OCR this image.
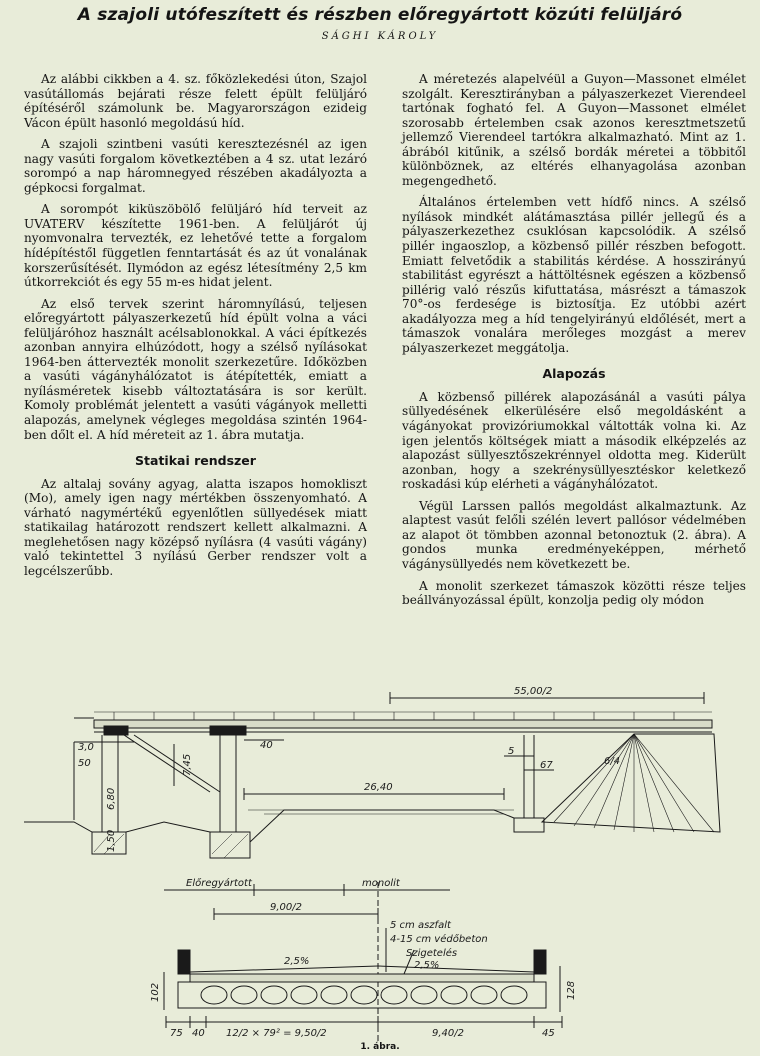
A szajoli utófeszített és részben előregyártott közúti felüljáró
SÁGHI KÁROLY

Az alábbi cikkben a 4. sz. főközlekedési úton, Szajol vasútállomás bejárati része felett épült felüljáró építéséről számolunk be. Magyarországon ezideig Vácon épült hasonló megoldású híd.

A szajoli szintbeni vasúti keresztezésnél az igen nagy vasúti forgalom következtében a 4 sz. utat lezáró sorompó a nap háromnegyed részében akadályozta a gépkocsi forgalmat.

A sorompót kiküszöbölő felüljáró híd terveit az UVATERV készítette 1961-ben. A felüljárót új nyomvonalra tervezték, ez lehetővé tette a forgalom hídépítéstől független fenntartását és az út vonalának korszerűsítését. Ilymódon az egész létesítmény 2,5 km útkorrekciót és egy 55 m-es hidat jelent.

Az első tervek szerint háromnyílású, teljesen előregyártott pályaszerkezetű híd épült volna a váci felüljáróhoz használt acélsablonokkal. A váci építkezés azonban annyira elhúzódott, hogy a szélső nyílásokat 1964-ben áttervezték monolit szerkezetűre. Időközben a vasúti vágányhálózatot is átépítették, emiatt a nyílásméretek kisebb változtatására is sor került. Komoly problémát jelentett a vasúti vágányok melletti alapozás, amelynek végleges megoldása szintén 1964-ben dőlt el. A híd méreteit az 1. ábra mutatja.

Statikai rendszer

Az altalaj sovány agyag, alatta iszapos homokliszt (Mo), amely igen nagy mértékben összenyomható. A várható nagymértékű egyenlőtlen süllyedések miatt statikailag határozott rendszert kellett alkalmazni. A meglehetősen nagy középső nyílásra (4 vasúti vágány) való tekintettel 3 nyílású Gerber rendszer volt a legcélszerűbb.

A méretezés alapelvéül a Guyon—Massonet elmélet szolgált. Keresztirányban a pályaszerkezet Vierendeel tartónak fogható fel. A Guyon—Massonet elmélet szorosabb értelemben csak azonos keresztmetszetű jellemző Vierendeel tartókra alkalmazható. Mint az 1. ábrából kitűnik, a szélső bordák méretei a többitől különböznek, az eltérés elhanyagolása azonban megengedhető.

Általános értelemben vett hídfő nincs. A szélső nyílások mindkét alátámasztása pillér jellegű és a pályaszerkezethez csuklósan kapcsolódik. A szélső pillér ingaoszlop, a közbenső pillér részben befogott. Emiatt felvetődik a stabilitás kérdése. A hosszirányú stabilitást egyrészt a háttöltésnek egészen a közbenső pillérig való részűs kifuttatása, másrészt a támaszok 70°-os ferdesége is biztosítja. Ez utóbbi azért akadályozza meg a híd tengelyirányú eldőlését, mert a támaszok vonalára merőleges mozgást a merev pályaszerkezet meggátolja.

Alapozás

A közbenső pillérek alapozásánál a vasúti pálya süllyedésének elkerülésére első megoldásként a vágányokat provizóriumokkal váltották volna ki. Az igen jelentős költségek miatt a második elképzelés az alapozást süllyesztőszekrénnyel oldotta meg. Kiderült azonban, hogy a szekrénysüllyesztéskor keletkező roskadási kúp elérheti a vágányhálózatot.

Végül Larssen pallós megoldást alkalmaztunk. Az alaptest vasút felőli szélén levert pallósor védelmében az alapot öt tömbben azonnal betonoztuk (2. ábra). A gondos munka eredményeképpen, mérhető vágánysüllyedés nem következett be.

A monolit szerkezet támaszok közötti része teljes beállványozással épült, konzolja pedig oly módon

55,00/2
3,0
50
40
7,45
6,80
1,50
26,40
5
67	6/4
Előregyártott	monolit
9,00/2
5 cm aszfalt
4-15 cm védőbeton
Szigetelés
2,5%	2,5%
102	128
75 40 12/2 × 79² = 9,50/2	9,40/2	45
1. ábra.
